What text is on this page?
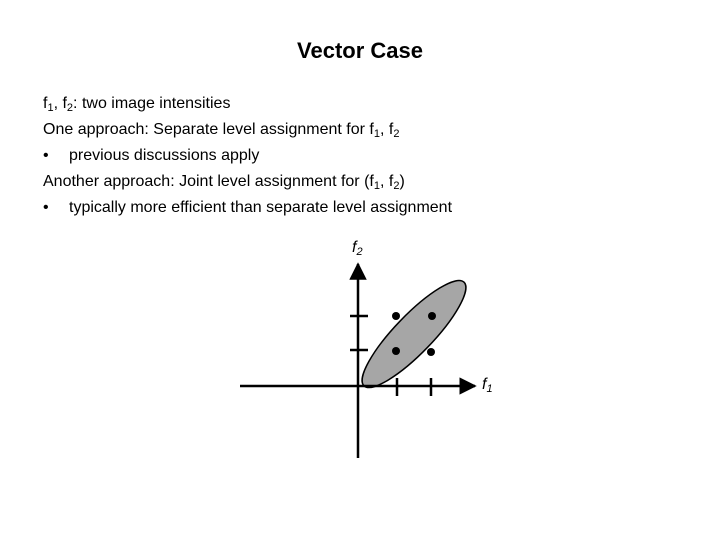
Vector Case
$f_1$, $f_2$: two image intensities
One approach: Separate level assignment for $f_1$, $f_2$
• previous discussions apply
Another approach: Joint level assignment for ($f_1$, $f_2$)
• typically more efficient than separate level assignment
$f_2$
$f_1$
